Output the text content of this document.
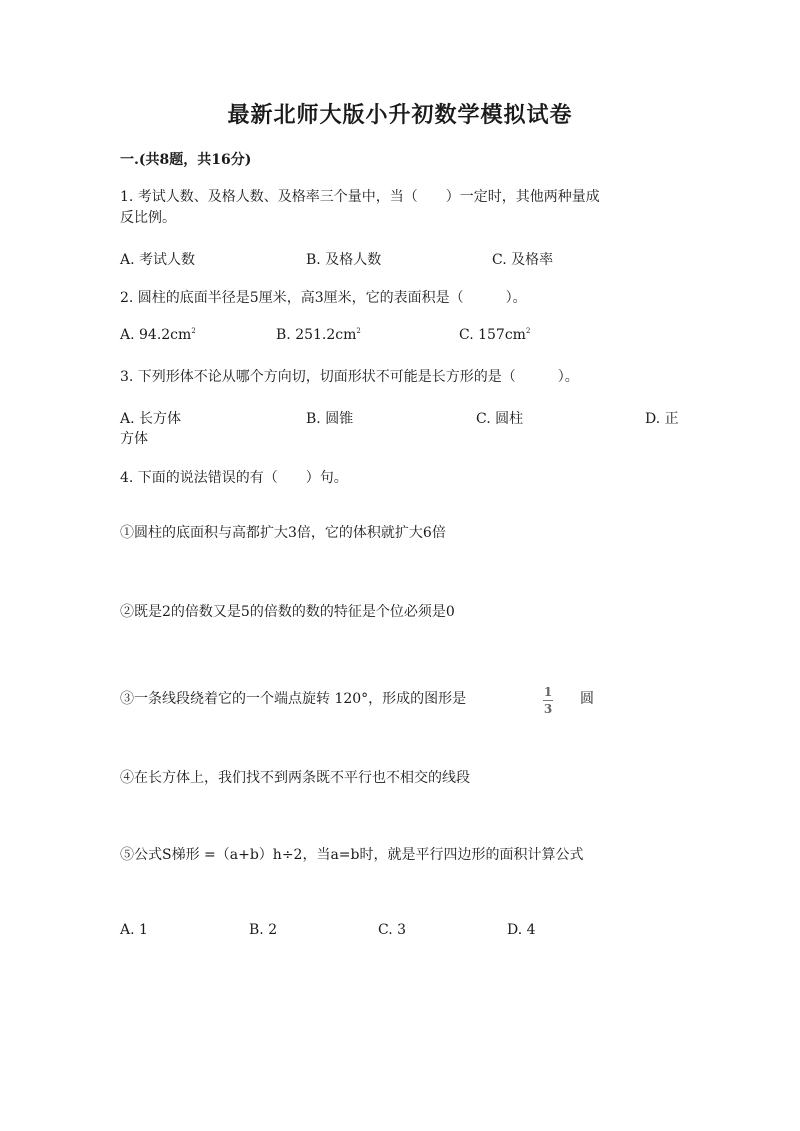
最新北师大版小升初数学模拟试卷
一.(共8题，共16分)
1. 考试人数、及格人数、及格率三个量中，当（　　）一定时，其他两种量成
反比例。
A. 考试人数	B. 及格人数	C. 及格率
2. 圆柱的底面半径是5厘米，高3厘米，它的表面积是（　　　）。
A. $94.2cm^2$	B. $251.2cm^2$	C. $157cm^2$
3. 下列形体不论从哪个方向切，切面形状不可能是长方形的是（　　　）。
A. 长方体	B. 圆锥	C. 圆柱	D. 正
方体
4. 下面的说法错误的有（　　）句。
①圆柱的底面积与高都扩大3倍，它的体积就扩大6倍
②既是2的倍数又是5的倍数的数的特征是个位必须是0
③一条线段绕着它的一个端点旋转 120°，形成的图形是	$\frac{1}{3}$ 圆
④在长方体上，我们找不到两条既不平行也不相交的线段
⑤公式S梯形 =（a+b）h÷2，当a=b时，就是平行四边形的面积计算公式
A. 1	B. 2	C. 3	D. 4
